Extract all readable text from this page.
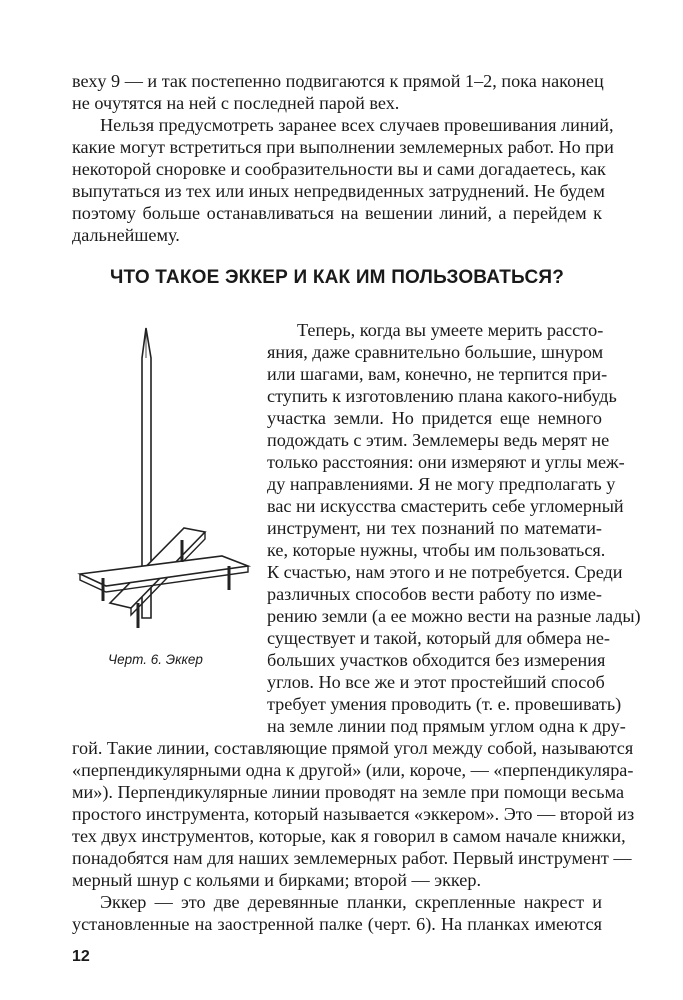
вехy 9 — и так постепенно подвигаются к прямой 1–2, пока наконец
не очутятся на ней с последней парой вех.
Нельзя предусмотреть заранее всех случаев провешивания линий,
какие могут встретиться при выполнении землемерных работ. Но при
некоторой сноровке и сообразительности вы и сами догадаетесь, как
выпутаться из тех или иных непредвиденных затруднений. Не будем
поэтому больше останавливаться на вешении линий, а перейдем к
дальнейшему.
ЧТО ТАКОЕ ЭККЕР И КАК ИМ ПОЛЬЗОВАТЬСЯ?
Черт. 6. Эккер
Теперь, когда вы умеете мерить расстo-
яния, даже сравнительно большие, шнуром
или шагами, вам, конечно, не терпится при-
ступить к изготовлению плана какого-нибудь
участка земли. Но придется еще немного
подождать с этим. Землемеры ведь мерят не
только расстояния: они измеряют и углы меж-
ду направлениями. Я не могу предполагать у
вас ни искусства смастерить себе угломерный
инструмент, ни тех познаний по математи-
ке, которые нужны, чтобы им пользоваться.
К счастью, нам этого и не потребуется. Среди
различных способов вести работу по изме-
рению земли (а ее можно вести на разные лады)
существует и такой, который для обмера не-
больших участков обходится без измерения
углов. Но все же и этот простейший способ
требует умения проводить (т. е. провешивать)
на земле линии под прямым углом одна к дру-
гой. Такие линии, составляющие прямой угол между собой, называются
«перпендикулярными одна к другой» (или, короче, — «перпендикуляра-
ми»). Перпендикулярные линии проводят на земле при помощи весьма
простого инструмента, который называется «эккером». Это — второй из
тех двух инструментов, которые, как я говорил в самом начале книжки,
понадобятся нам для наших землемерных работ. Первый инструмент —
мерный шнур с кольями и бирками; второй — эккер.
Эккер — это две деревянные планки, скрепленные накрест и
установленные на заостренной палке (черт. 6). На планках имеются
12
